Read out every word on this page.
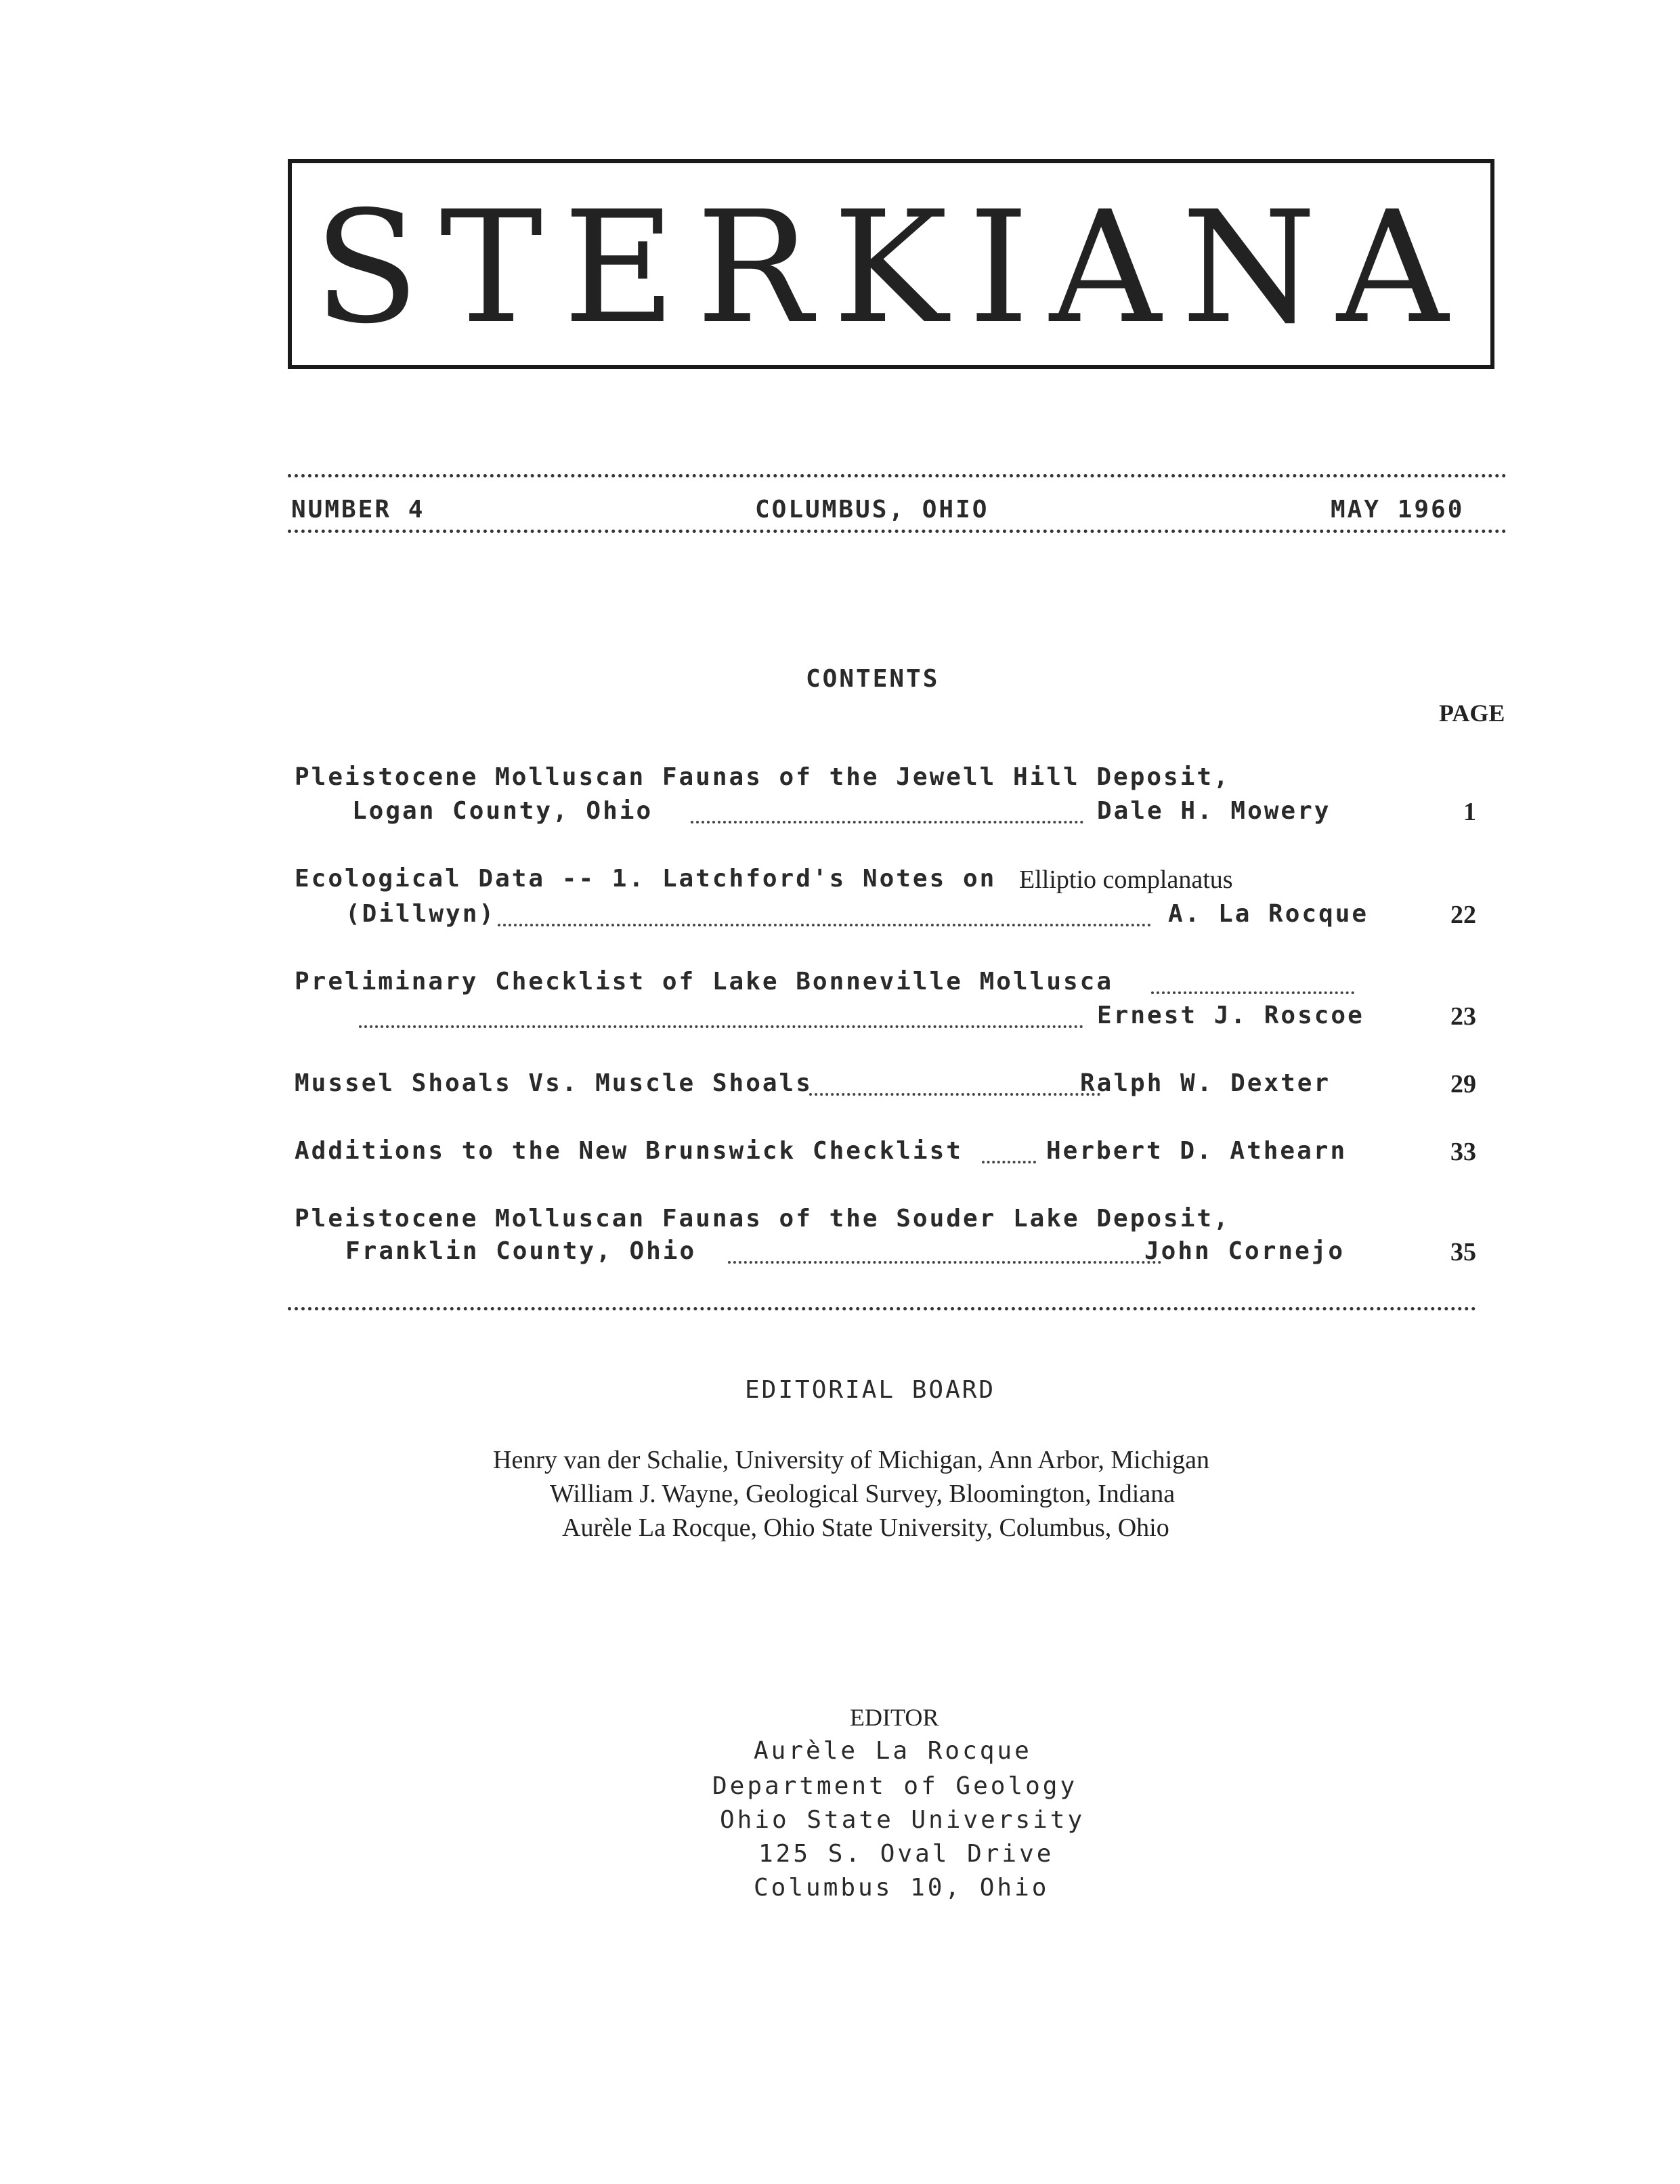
STERKIANA
NUMBER 4	COLUMBUS, OHIO	MAY 1960
CONTENTS
PAGE
Pleistocene Molluscan Faunas of the Jewell Hill Deposit,
Logan County, Ohio	Dale H. Mowery	1
Ecological Data -- 1. Latchford's Notes on Elliptio complanatus
(Dillwyn)	A. La Rocque	22
Preliminary Checklist of Lake Bonneville Mollusca
Ernest J. Roscoe	23
Mussel Shoals Vs. Muscle Shoals	Ralph W. Dexter	29
Additions to the New Brunswick Checklist	Herbert D. Athearn	33
Pleistocene Molluscan Faunas of the Souder Lake Deposit,
Franklin County, Ohio	John Cornejo	35
EDITORIAL BOARD
Henry van der Schalie, University of Michigan, Ann Arbor, Michigan
William J. Wayne, Geological Survey, Bloomington, Indiana
Aurèle La Rocque, Ohio State University, Columbus, Ohio
EDITOR
Aurèle La Rocque
Department of Geology
Ohio State University
125 S. Oval Drive
Columbus 10, Ohio
